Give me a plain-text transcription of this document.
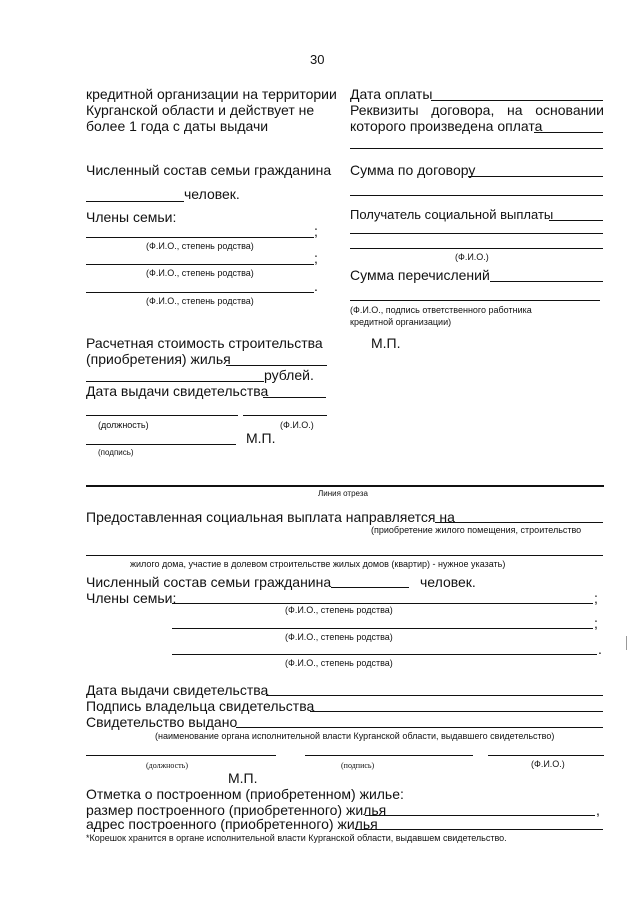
30
кредитной организации на территории
Курганской области и действует не
более 1 года с даты выдачи
Численный состав семьи гражданина
человек.
Члены семьи:
;
(Ф.И.О., степень родства)
;
(Ф.И.О., степень родства)
.
(Ф.И.О., степень родства)
Расчетная стоимость строительства
(приобретения) жилья
рублей.
Дата выдачи свидетельства
(должность)	(Ф.И.О.)
М.П.
(подпись)
Дата оплаты
Реквизиты договора, на основании
которого произведена оплата
Сумма по договору
Получатель социальной выплаты
(Ф.И.О.)
Сумма перечислений
(Ф.И.О., подпись ответственного работника
кредитной организации)
М.П.
Линия отреза
Предоставленная социальная выплата направляется на
(приобретение жилого помещения, строительство
жилого дома, участие в долевом строительстве жилых домов (квартир) - нужное указать)
Численный состав семьи гражданина	человек.
Члены семьи:	;
(Ф.И.О., степень родства)
;
(Ф.И.О., степень родства)
.
(Ф.И.О., степень родства)
Дата выдачи свидетельства
Подпись владельца свидетельства
Свидетельство выдано
(наименование органа исполнительной власти Курганской области, выдавшего свидетельство)
(должность)	(подпись)	(Ф.И.О.)
М.П.
Отметка о построенном (приобретенном) жилье:
размер построенного (приобретенного) жилья	,
адрес построенного (приобретенного) жилья
*Корешок хранится в органе исполнительной власти Курганской области, выдавшем свидетельство.
